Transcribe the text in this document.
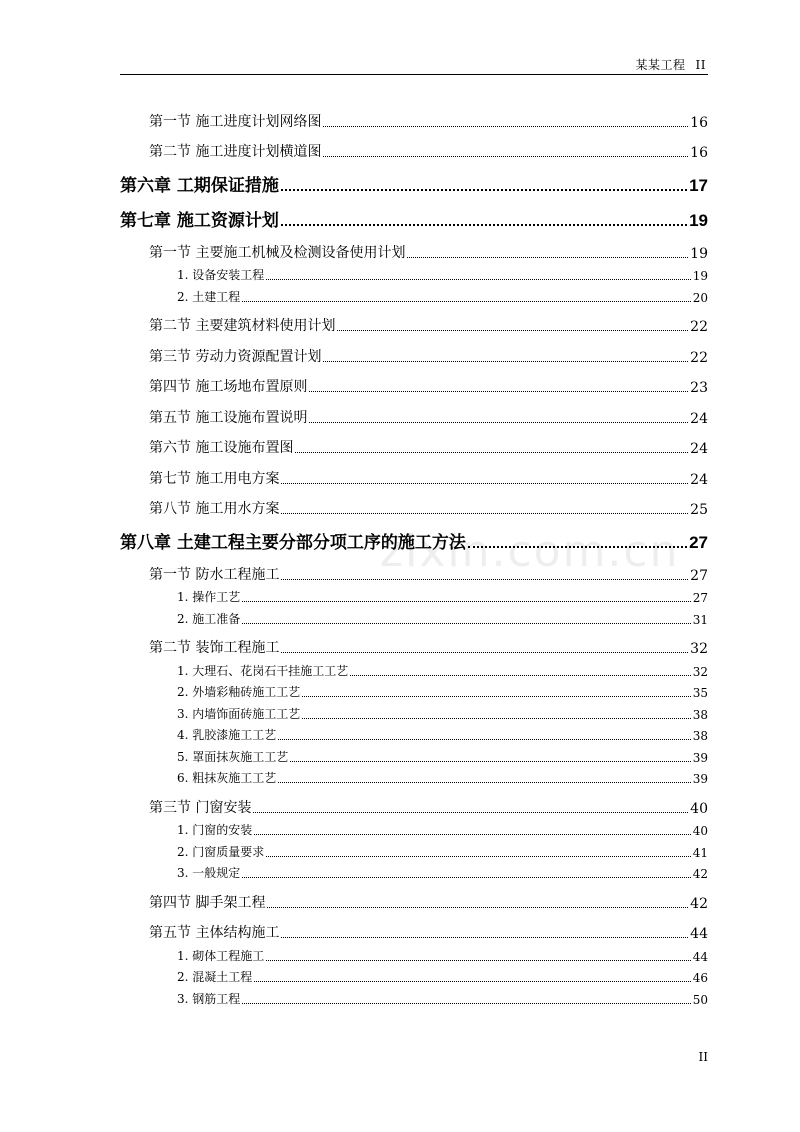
某某工程 II
zixin.com.cn
第一节 施工进度计划网络图	16
第二节 施工进度计划横道图	16
第六章 工期保证措施	17
第七章 施工资源计划	19
第一节 主要施工机械及检测设备使用计划	19
1. 设备安装工程	19
2. 土建工程	20
第二节 主要建筑材料使用计划	22
第三节 劳动力资源配置计划	22
第四节 施工场地布置原则	23
第五节 施工设施布置说明	24
第六节 施工设施布置图	24
第七节 施工用电方案	24
第八节 施工用水方案	25
第八章 土建工程主要分部分项工序的施工方法	27
第一节 防水工程施工	27
1. 操作工艺	27
2. 施工准备	31
第二节 装饰工程施工	32
1. 大理石、花岗石干挂施工工艺	32
2. 外墙彩釉砖施工工艺	35
3. 内墙饰面砖施工工艺	38
4. 乳胶漆施工工艺	38
5. 罩面抹灰施工工艺	39
6. 粗抹灰施工工艺	39
第三节 门窗安装	40
1. 门窗的安装	40
2. 门窗质量要求	41
3. 一般规定	42
第四节 脚手架工程	42
第五节 主体结构施工	44
1. 砌体工程施工	44
2. 混凝土工程	46
3. 钢筋工程	50
II
